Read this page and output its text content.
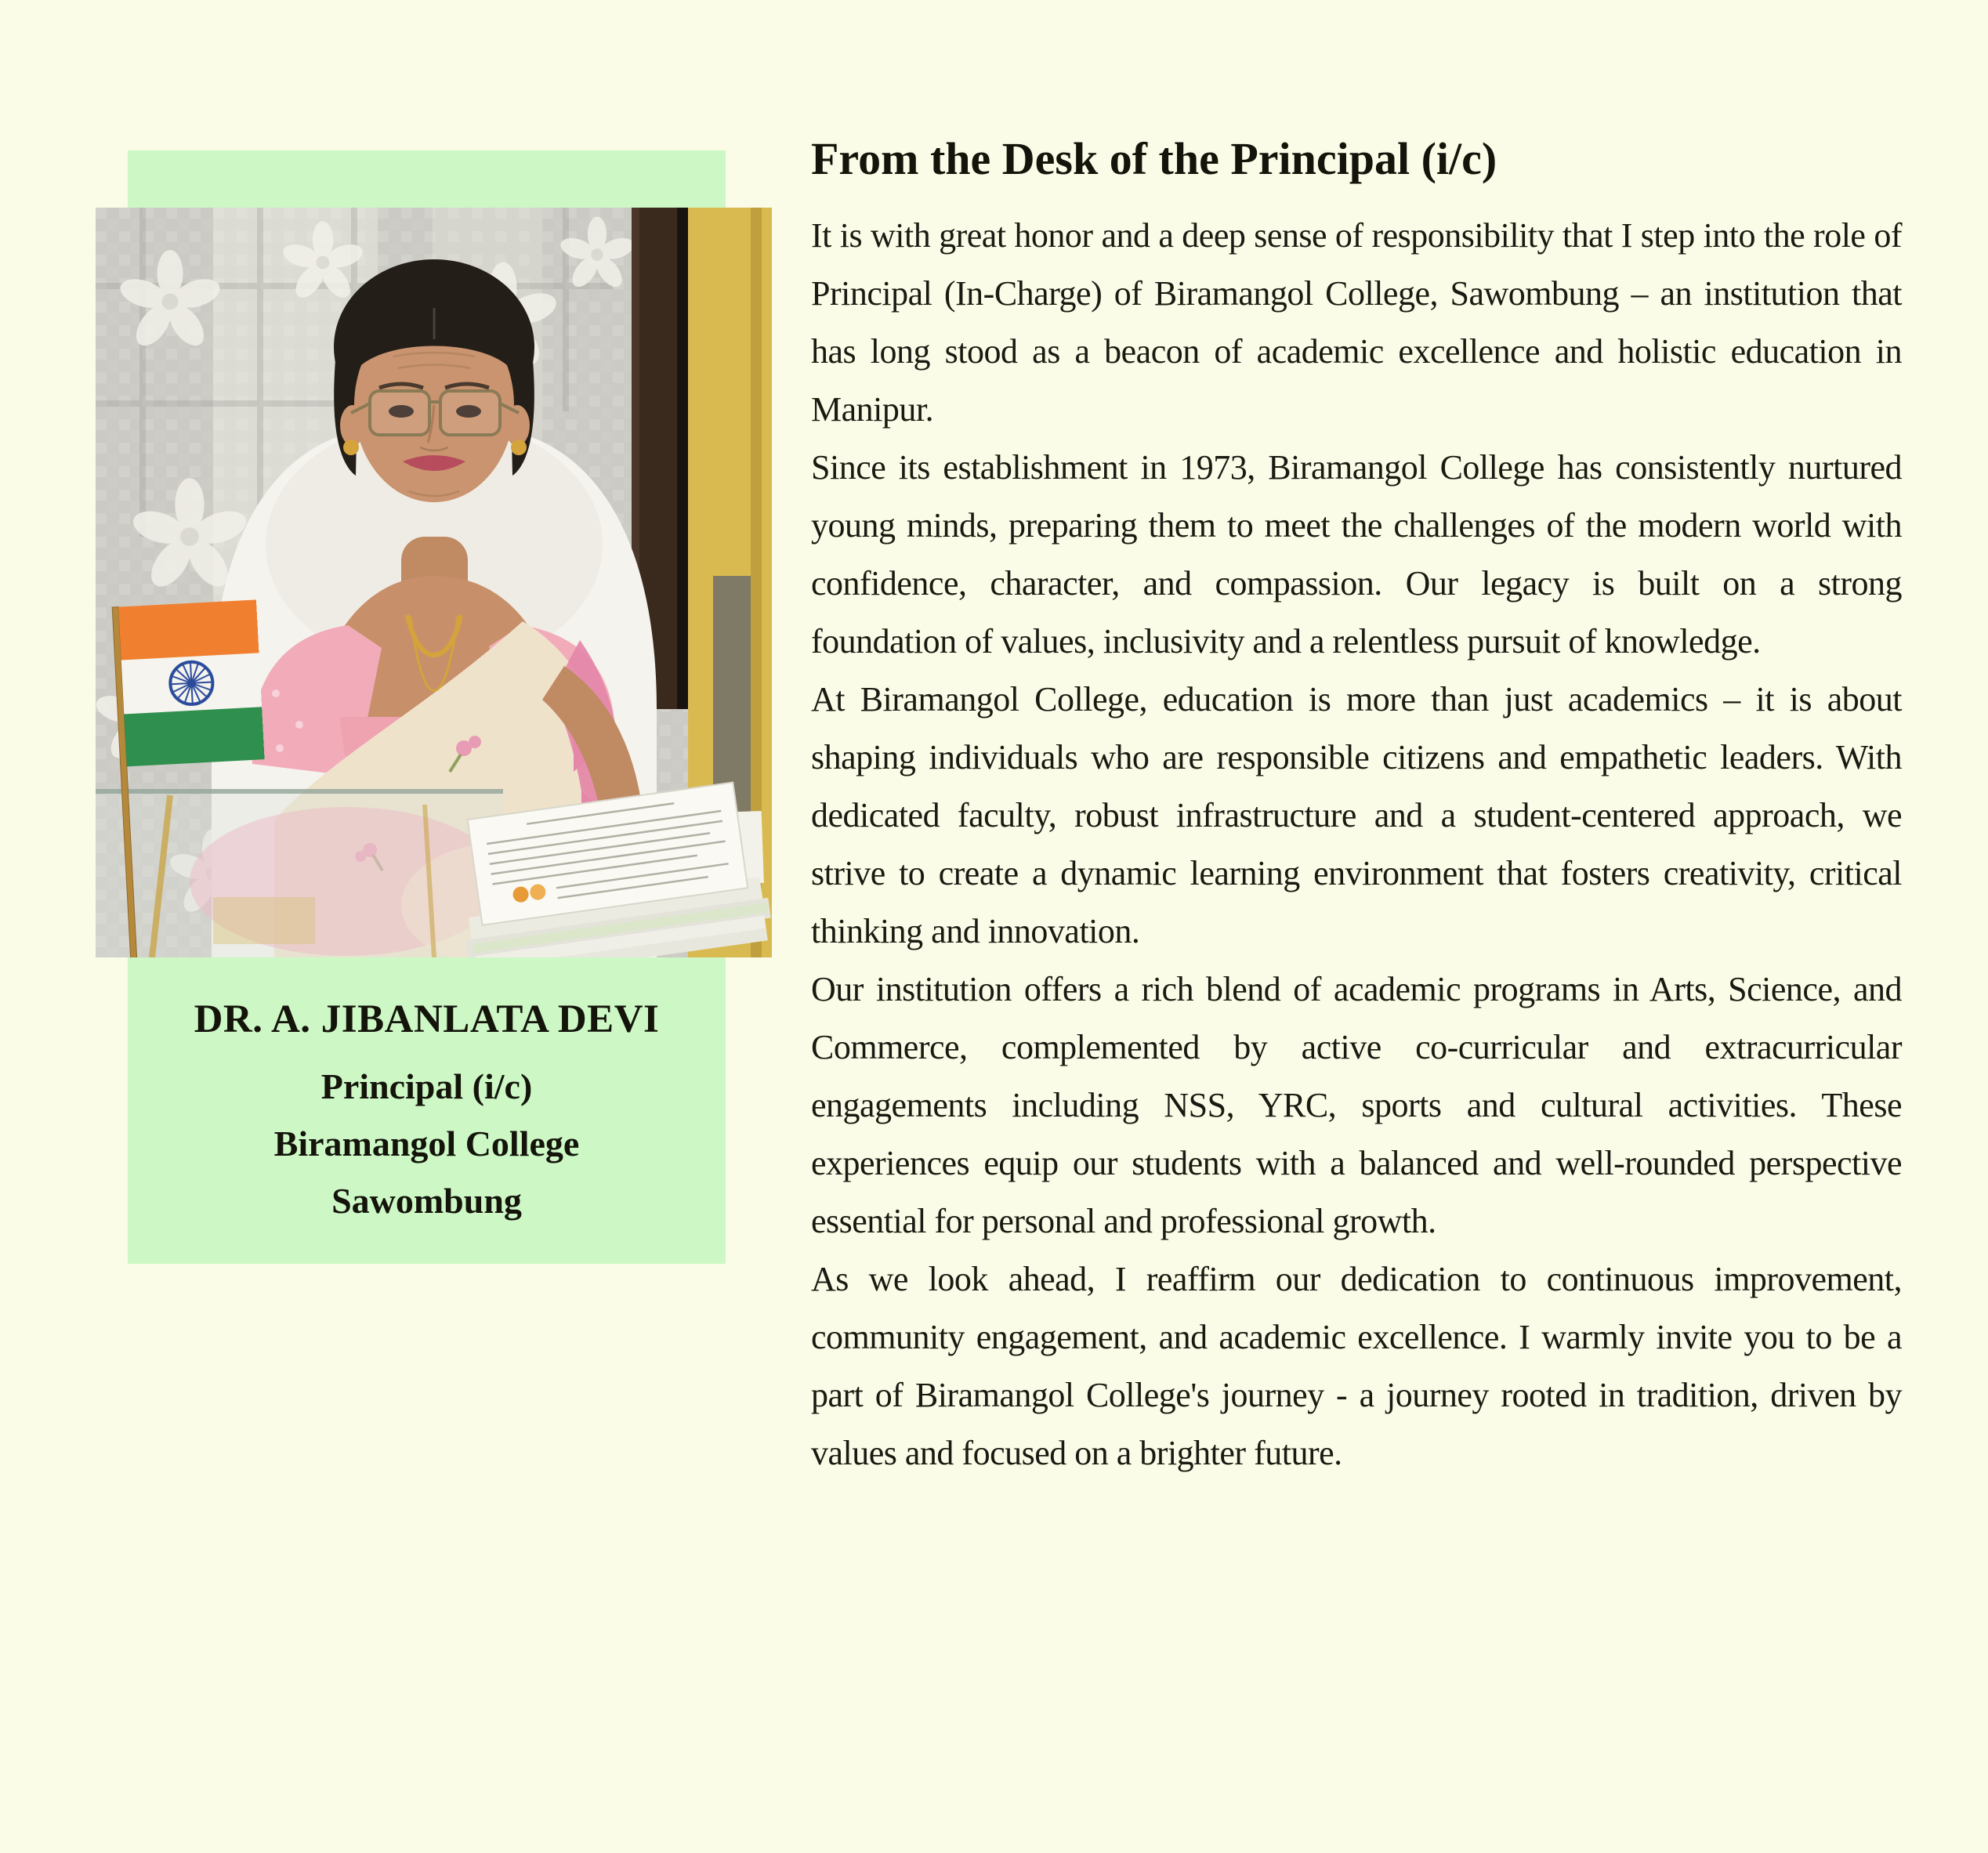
DR. A. JIBANLATA DEVI
Principal (i/c)
Biramangol College
Sawombung
From the Desk of the Principal (i/c)

It is with great honor and a deep sense of responsibility that I step into the role of Principal (In-Charge) of Biramangol College, Sawombung – an institution that has long stood as a beacon of academic excellence and holistic education in Manipur.

Since its establishment in 1973, Biramangol College has consistently nurtured young minds, preparing them to meet the challenges of the modern world with confidence, character, and compassion. Our legacy is built on a strong foundation of values, inclusivity and a relentless pursuit of knowledge.

At Biramangol College, education is more than just academics – it is about shaping individuals who are responsible citizens and empathetic leaders. With dedicated faculty, robust infrastructure and a student-centered approach, we strive to create a dynamic learning environment that fosters creativity, critical thinking and innovation.

Our institution offers a rich blend of academic programs in Arts, Science, and Commerce, complemented by active co-curricular and extracurricular engagements including NSS, YRC, sports and cultural activities. These experiences equip our students with a balanced and well-rounded perspective essential for personal and professional growth.

As we look ahead, I reaffirm our dedication to continuous improvement, community engagement, and academic excellence. I warmly invite you to be a part of Biramangol College's journey - a journey rooted in tradition, driven by values and focused on a brighter future.
